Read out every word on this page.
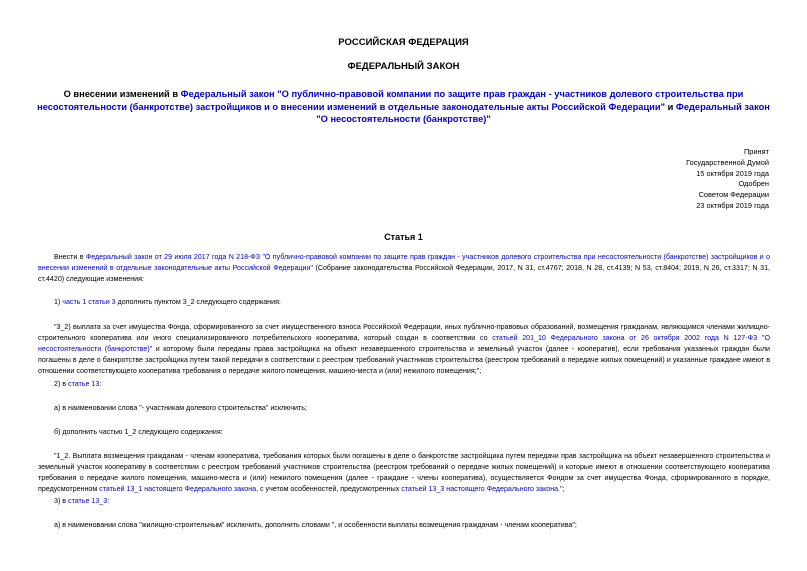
РОССИЙСКАЯ ФЕДЕРАЦИЯ
ФЕДЕРАЛЬНЫЙ ЗАКОН
О внесении изменений в Федеральный закон "О публично-правовой компании по защите прав граждан - участников долевого строительства при несостоятельности (банкротстве) застройщиков и о внесении изменений в отдельные законодательные акты Российской Федерации" и Федеральный закон "О несостоятельности (банкротстве)"
Принят
Государственной Думой
15 октября 2019 года
Одобрен
Советом Федерации
23 октября 2019 года
Статья 1
Внести в Федеральный закон от 29 июля 2017 года N 218-ФЗ "О публично-правовой компании по защите прав граждан - участников долевого строительства при несостоятельности (банкротстве) застройщиков и о внесении изменений в отдельные законодательные акты Российской Федерации" (Собрание законодательства Российской Федерации, 2017, N 31, ст.4767; 2018, N 28, ст.4139; N 53, ст.8404; 2019, N 26, ст.3317; N 31, ст.4420) следующие изменения:
1) часть 1 статьи 3 дополнить пунктом 3_2 следующего содержания:
"3_2) выплата за счет имущества Фонда, сформированного за счет имущественного взноса Российской Федерации, иных публично-правовых образований, возмещения гражданам, являющимся членами жилищно-строительного кооператива или иного специализированного потребительского кооператива, который создан в соответствии со статьей 201_10 Федерального закона от 26 октября 2002 года N 127-ФЗ "О несостоятельности (банкротстве)" и которому были переданы права застройщика на объект незавершенного строительства и земельный участок (далее - кооператив), если требования указанных граждан были погашены в деле о банкротстве застройщика путем такой передачи в соответствии с реестром требований участников строительства (реестром требований о передаче жилых помещений) и указанные граждане имеют в отношении соответствующего кооператива требования о передаче жилого помещения, машино-места и (или) нежилого помещения;";
2) в статье 13:
а) в наименовании слова "- участникам долевого строительства" исключить;
б) дополнить частью 1_2 следующего содержания:
"1_2. Выплата возмещения гражданам - членам кооператива, требования которых были погашены в деле о банкротстве застройщика путем передачи прав застройщика на объект незавершенного строительства и земельный участок кооперативу в соответствии с реестром требований участников строительства (реестром требований о передаче жилых помещений) и которые имеют в отношении соответствующего кооператива требования о передаче жилого помещения, машино-места и (или) нежилого помещения (далее - граждане - члены кооператива), осуществляется Фондом за счет имущества Фонда, сформированного в порядке, предусмотренном статьей 13_1 настоящего Федерального закона, с учетом особенностей, предусмотренных статьей 13_3 настоящего Федерального закона.";
3) в статье 13_3:
а) в наименовании слова "жилищно-строительным" исключить, дополнить словами ", и особенности выплаты возмещения гражданам - членам кооператива";
